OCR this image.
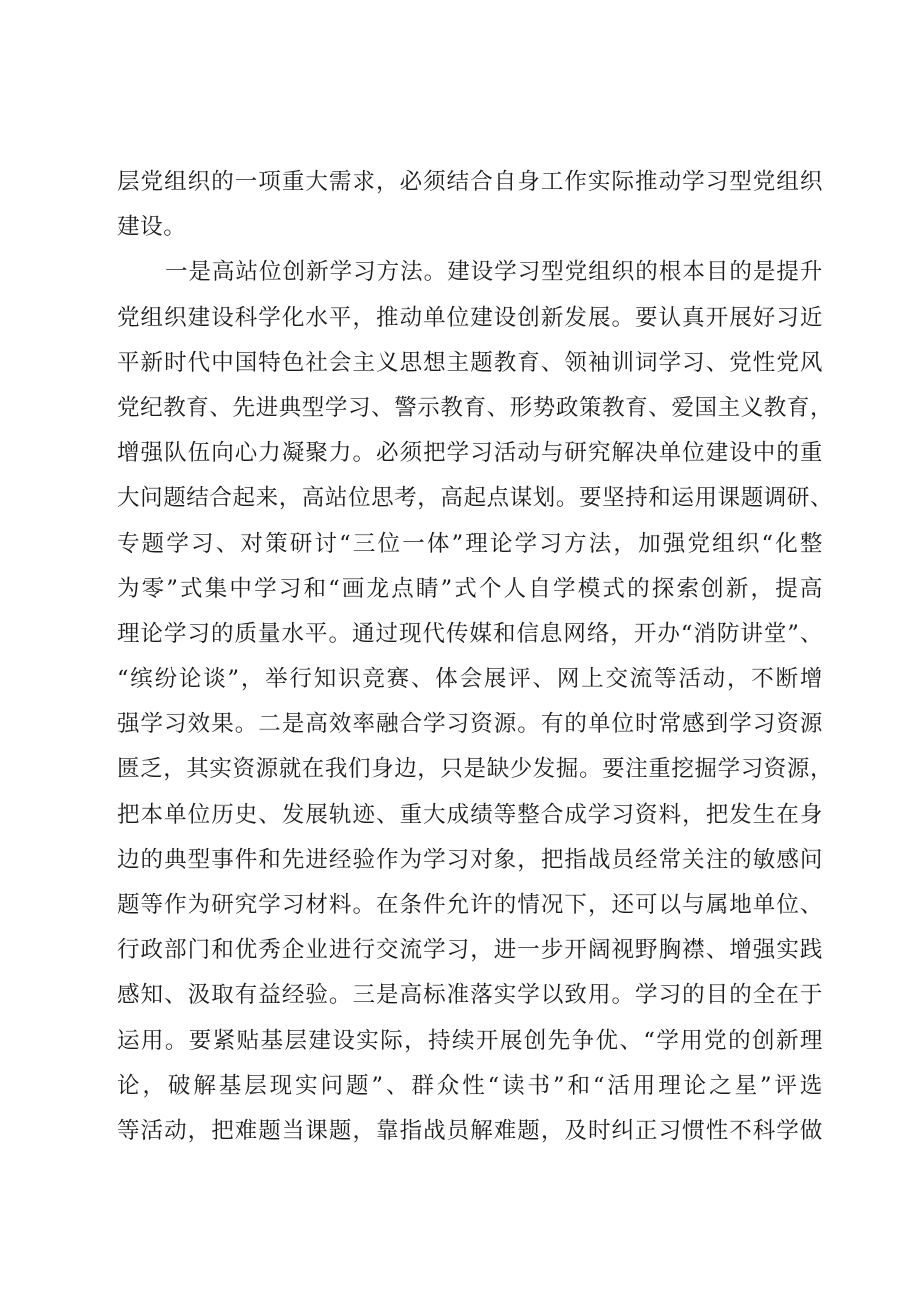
层党组织的一项重大需求，必须结合自身工作实际推动学习型党组织
建设。
一是高站位创新学习方法。建设学习型党组织的根本目的是提升
党组织建设科学化水平，推动单位建设创新发展。要认真开展好习近
平新时代中国特色社会主义思想主题教育、领袖训词学习、党性党风
党纪教育、先进典型学习、警示教育、形势政策教育、爱国主义教育，
增强队伍向心力凝聚力。必须把学习活动与研究解决单位建设中的重
大问题结合起来，高站位思考，高起点谋划。要坚持和运用课题调研、
专题学习、对策研讨“三位一体”理论学习方法，加强党组织“化整
为零”式集中学习和“画龙点睛”式个人自学模式的探索创新，提高
理论学习的质量水平。通过现代传媒和信息网络，开办“消防讲堂”、
“缤纷论谈”，举行知识竞赛、体会展评、网上交流等活动，不断增
强学习效果。二是高效率融合学习资源。有的单位时常感到学习资源
匮乏，其实资源就在我们身边，只是缺少发掘。要注重挖掘学习资源，
把本单位历史、发展轨迹、重大成绩等整合成学习资料，把发生在身
边的典型事件和先进经验作为学习对象，把指战员经常关注的敏感问
题等作为研究学习材料。在条件允许的情况下，还可以与属地单位、
行政部门和优秀企业进行交流学习，进一步开阔视野胸襟、增强实践
感知、汲取有益经验。三是高标准落实学以致用。学习的目的全在于
运用。要紧贴基层建设实际，持续开展创先争优、“学用党的创新理
论，破解基层现实问题”、群众性“读书”和“活用理论之星”评选
等活动，把难题当课题，靠指战员解难题，及时纠正习惯性不科学做
